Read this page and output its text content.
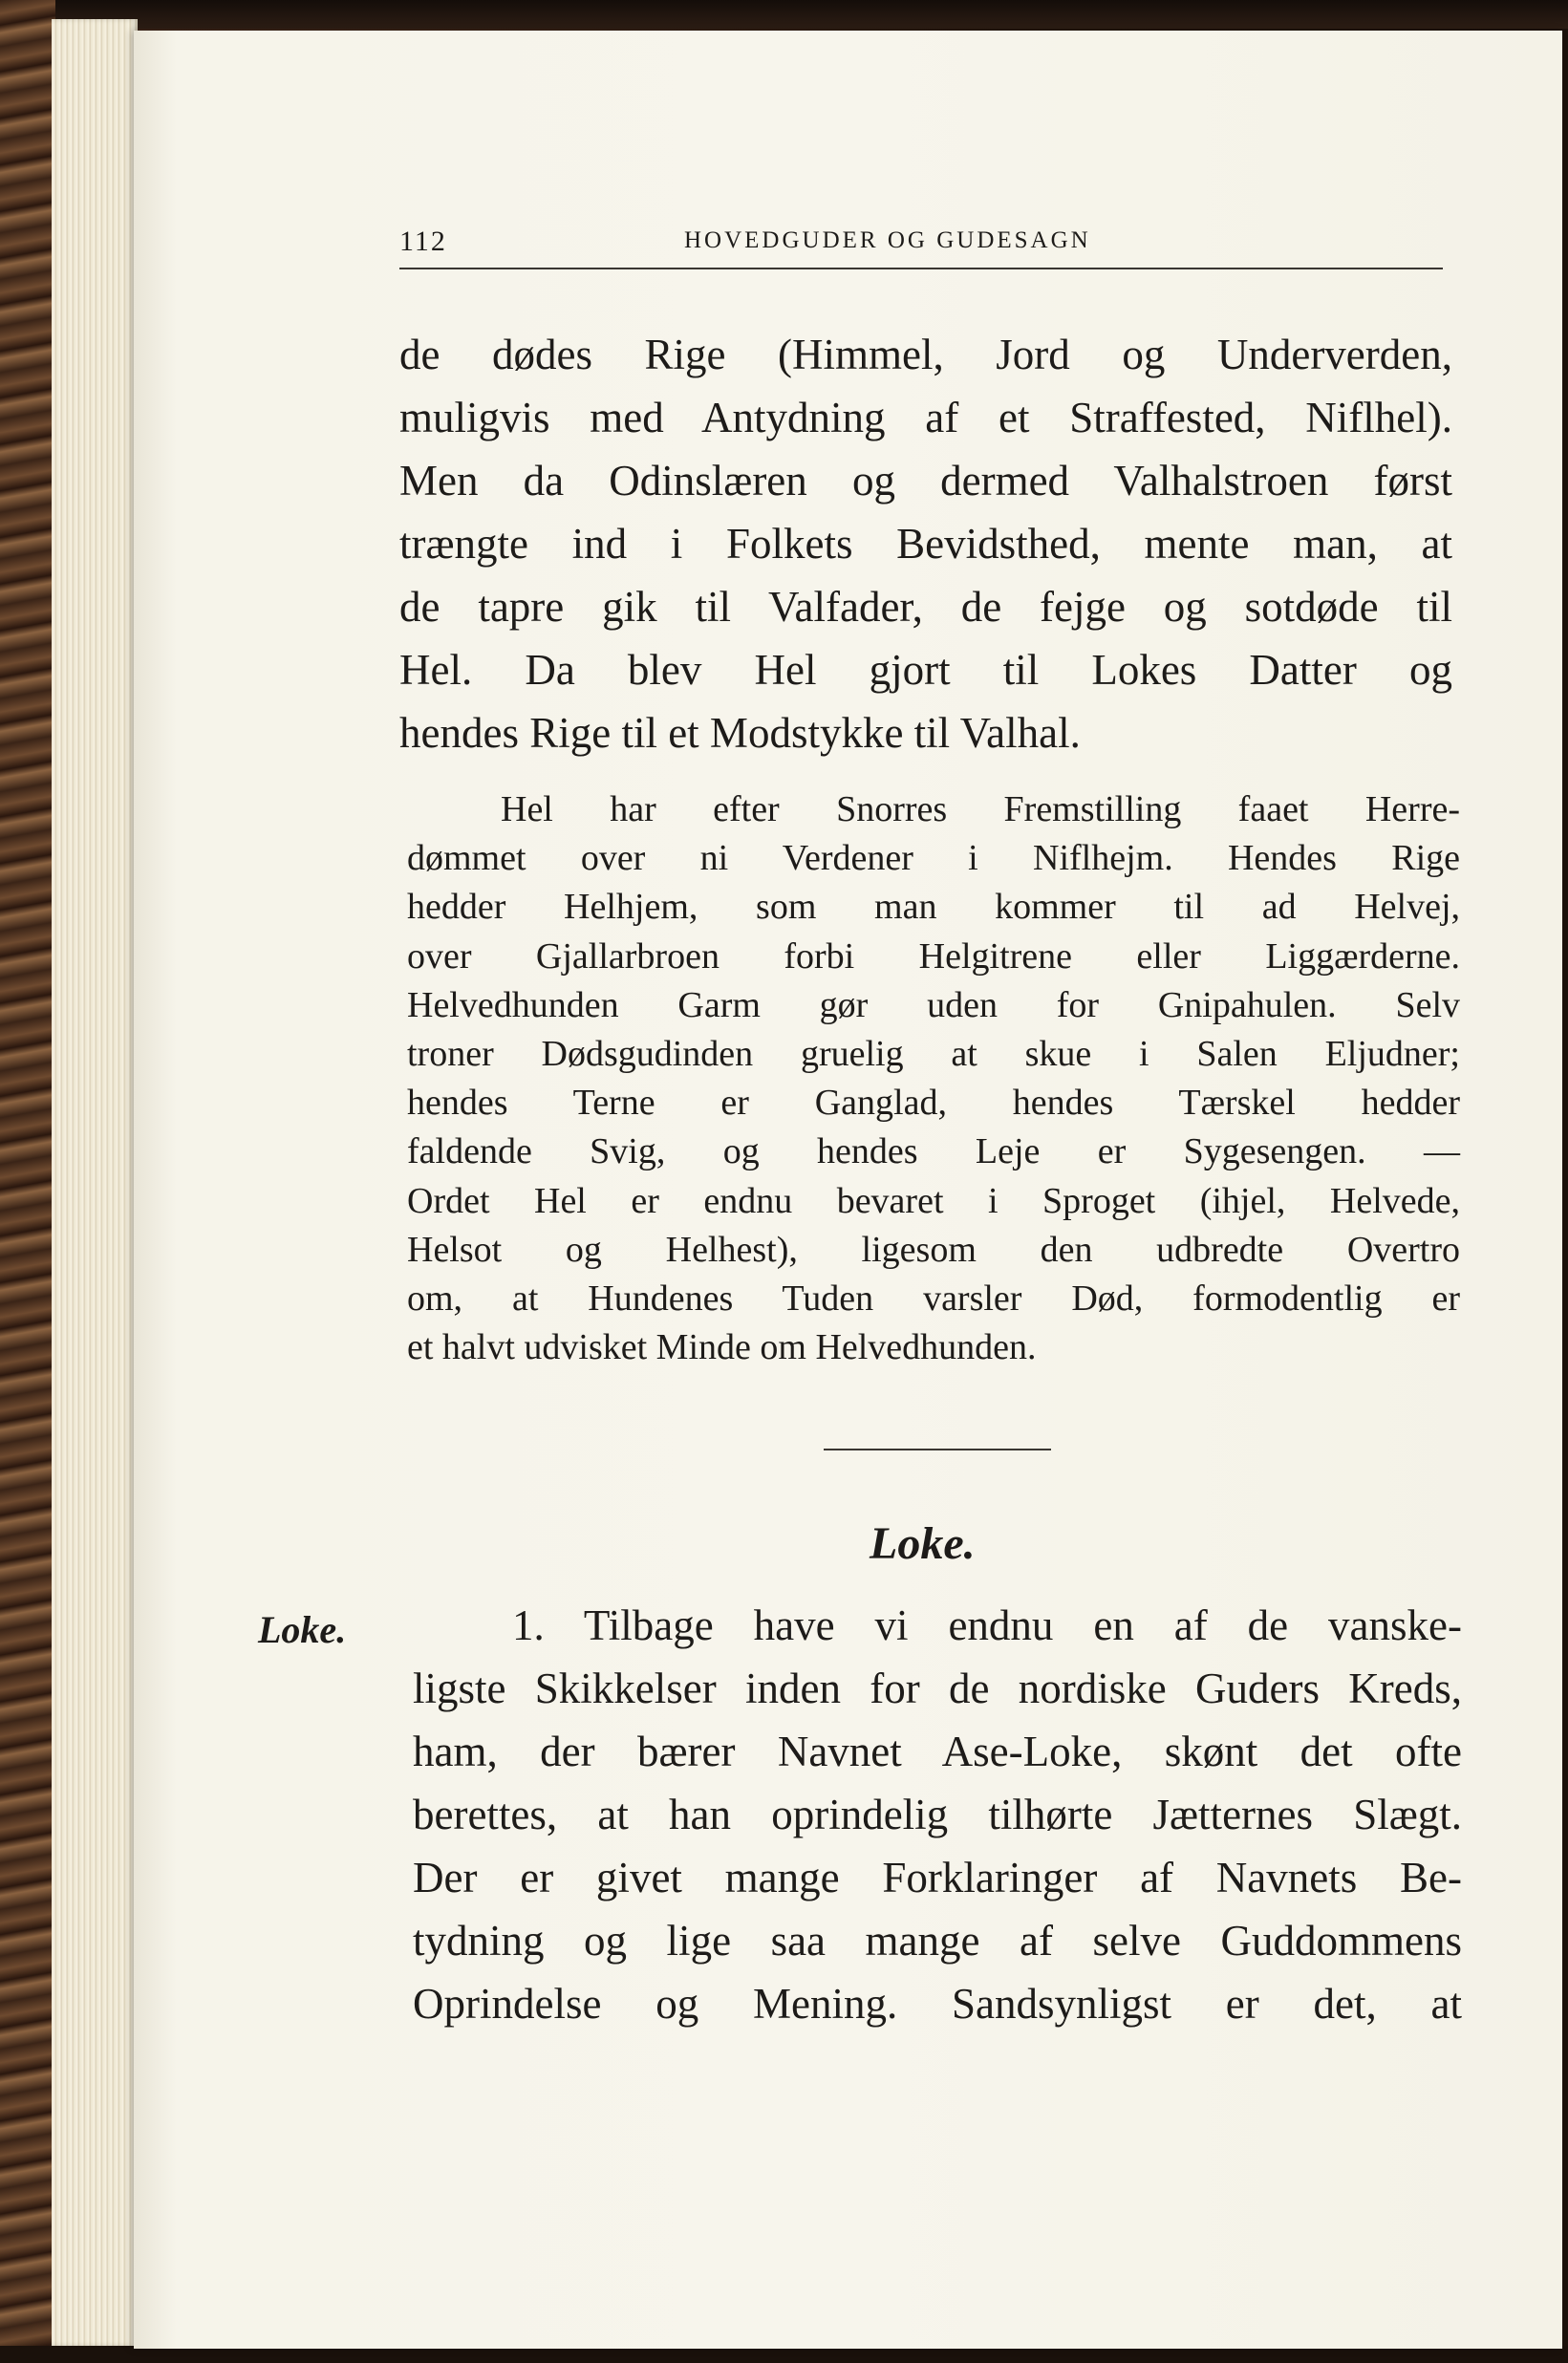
112	HOVEDGUDER OG GUDESAGN

de dødes Rige (Himmel, Jord og Underverden,
muligvis med Antydning af et Straffested, Niflhel).
Men da Odinslæren og dermed Valhalstroen først
trængte ind i Folkets Bevidsthed, mente man, at
de tapre gik til Valfader, de fejge og sotdøde til
Hel. Da blev Hel gjort til Lokes Datter og
hendes Rige til et Modstykke til Valhal.

Hel har efter Snorres Fremstilling faaet Herre-
dømmet over ni Verdener i Niflhejm. Hendes Rige
hedder Helhjem, som man kommer til ad Helvej,
over Gjallarbroen forbi Helgitrene eller Liggærderne.
Helvedhunden Garm gør uden for Gnipahulen. Selv
troner Dødsgudinden gruelig at skue i Salen Eljudner;
hendes Terne er Ganglad, hendes Tærskel hedder
faldende Svig, og hendes Leje er Sygesengen. —
Ordet Hel er endnu bevaret i Sproget (ihjel, Helvede,
Helsot og Helhest), ligesom den udbredte Overtro
om, at Hundenes Tuden varsler Død, formodentlig er
et halvt udvisket Minde om Helvedhunden.

Loke.
Loke.	1. Tilbage have vi endnu en af de vanske-
ligste Skikkelser inden for de nordiske Guders Kreds,
ham, der bærer Navnet Ase-Loke, skønt det ofte
berettes, at han oprindelig tilhørte Jætternes Slægt.
Der er givet mange Forklaringer af Navnets Be-
tydning og lige saa mange af selve Guddommens
Oprindelse og Mening. Sandsynligst er det, at
